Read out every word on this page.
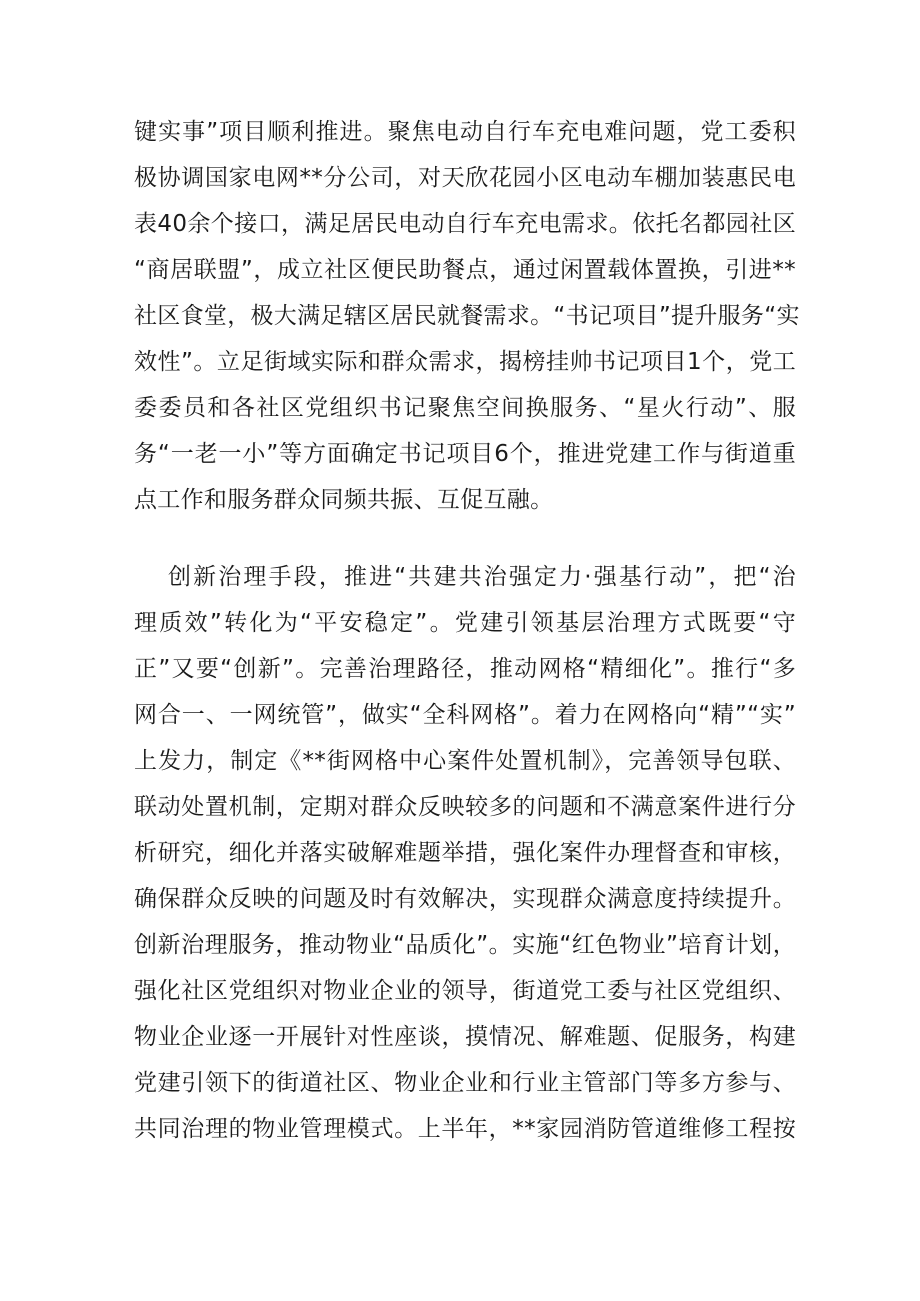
键实事”项目顺利推进。聚焦电动自行车充电难问题，党工委积
极协调国家电网**分公司，对天欣花园小区电动车棚加装惠民电
表40余个接口，满足居民电动自行车充电需求。依托名都园社区
“商居联盟”，成立社区便民助餐点，通过闲置载体置换，引进**
社区食堂，极大满足辖区居民就餐需求。“书记项目”提升服务“实
效性”。立足街域实际和群众需求，揭榜挂帅书记项目1个，党工
委委员和各社区党组织书记聚焦空间换服务、“星火行动”、服
务“一老一小”等方面确定书记项目6个，推进党建工作与街道重
点工作和服务群众同频共振、互促互融。
创新治理手段，推进“共建共治强定力·强基行动”，把“治
理质效”转化为“平安稳定”。党建引领基层治理方式既要“守
正”又要“创新”。完善治理路径，推动网格“精细化”。推行“多
网合一、一网统管”，做实“全科网格”。着力在网格向“精”“实”
上发力，制定《**街网格中心案件处置机制》，完善领导包联、
联动处置机制，定期对群众反映较多的问题和不满意案件进行分
析研究，细化并落实破解难题举措，强化案件办理督查和审核，
确保群众反映的问题及时有效解决，实现群众满意度持续提升。
创新治理服务，推动物业“品质化”。实施“红色物业”培育计划，
强化社区党组织对物业企业的领导，街道党工委与社区党组织、
物业企业逐一开展针对性座谈，摸情况、解难题、促服务，构建
党建引领下的街道社区、物业企业和行业主管部门等多方参与、
共同治理的物业管理模式。上半年，**家园消防管道维修工程按
